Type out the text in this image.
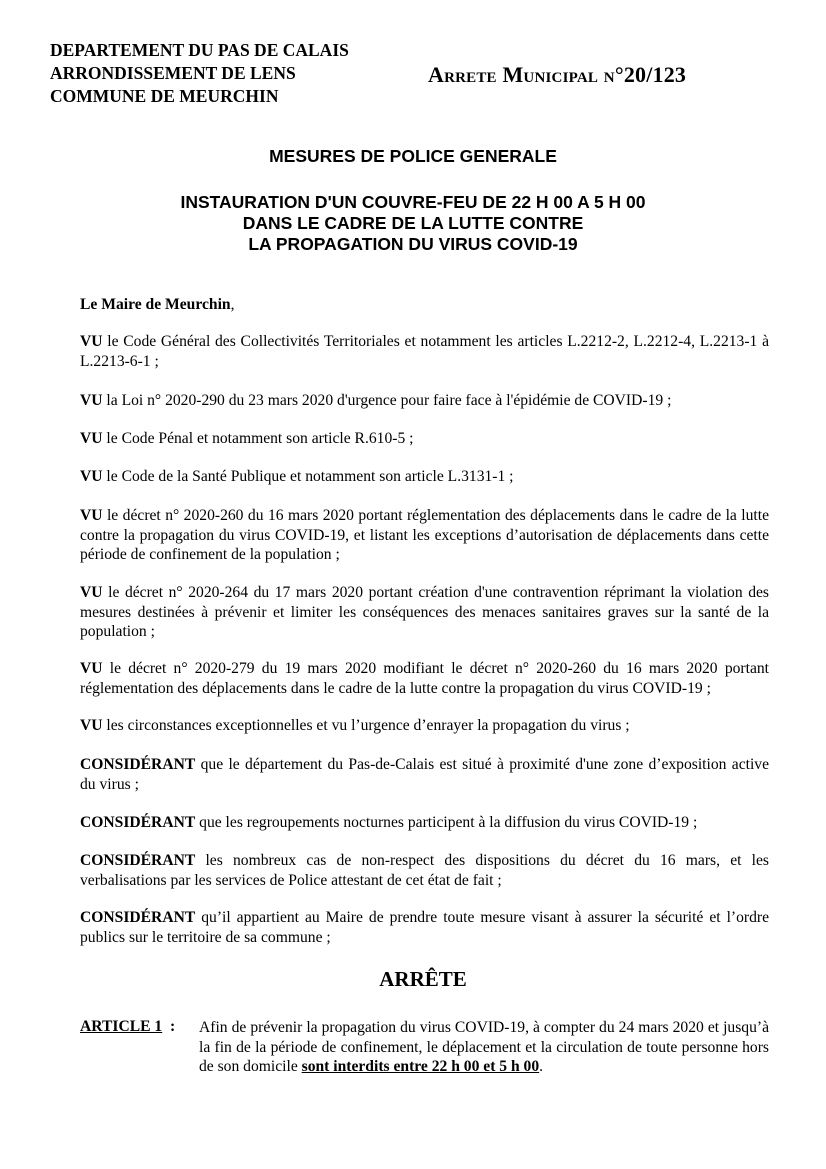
DEPARTEMENT DU PAS DE CALAIS
ARRONDISSEMENT DE LENS
COMMUNE DE MEURCHIN
Arrete Municipal n°20/123
MESURES DE POLICE GENERALE
INSTAURATION D'UN COUVRE-FEU DE 22 H 00 A 5 H 00
DANS LE CADRE DE LA LUTTE CONTRE
LA PROPAGATION DU VIRUS COVID-19

Le Maire de Meurchin,

VU le Code Général des Collectivités Territoriales et notamment les articles L.2212-2, L.2212-4, L.2213-1 à L.2213-6-1 ;

VU la Loi n° 2020-290 du 23 mars 2020 d'urgence pour faire face à l'épidémie de COVID-19 ;

VU le Code Pénal et notamment son article R.610-5 ;

VU le Code de la Santé Publique et notamment son article L.3131-1 ;

VU le décret n° 2020-260 du 16 mars 2020 portant réglementation des déplacements dans le cadre de la lutte contre la propagation du virus COVID-19, et listant les exceptions d’autorisation de déplacements dans cette période de confinement de la population ;

VU le décret n° 2020-264 du 17 mars 2020 portant création d'une contravention réprimant la violation des mesures destinées à prévenir et limiter les conséquences des menaces sanitaires graves sur la santé de la population ;

VU le décret n° 2020-279 du 19 mars 2020 modifiant le décret n° 2020-260 du 16 mars 2020 portant réglementation des déplacements dans le cadre de la lutte contre la propagation du virus COVID-19 ;

VU les circonstances exceptionnelles et vu l’urgence d’enrayer la propagation du virus ;

CONSIDÉRANT que le département du Pas-de-Calais est situé à proximité d'une zone d’exposition active du virus ;

CONSIDÉRANT que les regroupements nocturnes participent à la diffusion du virus COVID-19 ;

CONSIDÉRANT les nombreux cas de non-respect des dispositions du décret du 16 mars, et les verbalisations par les services de Police attestant de cet état de fait ;

CONSIDÉRANT qu’il appartient au Maire de prendre toute mesure visant à assurer la sécurité et l’ordre publics sur le territoire de sa commune ;

ARRÊTE
ARTICLE 1 : Afin de prévenir la propagation du virus COVID-19, à compter du 24 mars 2020 et jusqu’à la fin de la période de confinement, le déplacement et la circulation de toute personne hors de son domicile sont interdits entre 22 h 00 et 5 h 00.
